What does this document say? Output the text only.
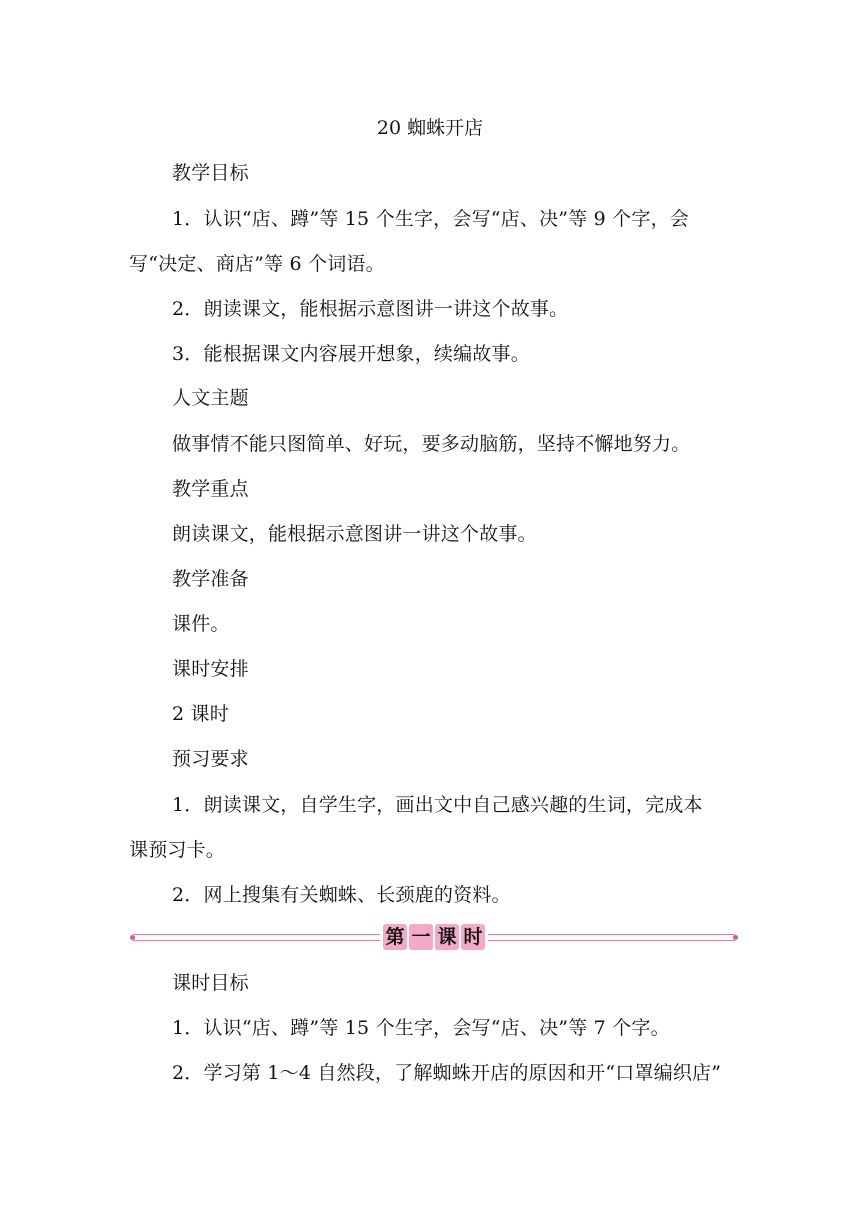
20 蜘蛛开店
教学目标
1．认识“店、蹲”等 15 个生字，会写“店、决”等 9 个字，会
写“决定、商店”等 6 个词语。
2．朗读课文，能根据示意图讲一讲这个故事。
3．能根据课文内容展开想象，续编故事。
人文主题
做事情不能只图简单、好玩，要多动脑筋，坚持不懈地努力。
教学重点
朗读课文，能根据示意图讲一讲这个故事。
教学准备
课件。
课时安排
2 课时
预习要求
1．朗读课文，自学生字，画出文中自己感兴趣的生词，完成本
课预习卡。
2．网上搜集有关蜘蛛、长颈鹿的资料。
第 一 课 时
课时目标
1．认识“店、蹲”等 15 个生字，会写“店、决”等 7 个字。
2．学习第 1～4 自然段，了解蜘蛛开店的原因和开“口罩编织店”
